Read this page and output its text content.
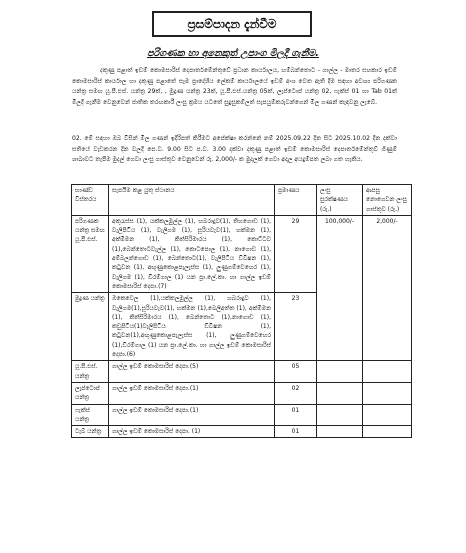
ප්‍රසම්පාදන දැන්වීම
පරිගණක හා අනෙකුත් උපාංග මිලදී ගැනීම.

දකුණු පළාත් ඉඩම් කොමසාරිස් දෙපාර්තමේන්තුවේ ප්‍රධාන කාර්යාලය, හම්බන්තොට - ගාල්ල - මාතර සහකාර ඉඩම් කොමසාරිස් කාර්යාල හා දකුණු පළාතේ සෑම ප්‍රාදේශීය ලේකම් කාර්යාලයේ ඉඩම් අංශ වෙත ඇති දීම සඳහා අවශ්‍ය පරිගණක යන්ත්‍ර සමඟ යූ.පී.එස්. යන්ත්‍ර 29ක්, , මුද්‍රණ යන්ත්‍ර 23ක්, යූ.පී.එස්.යන්ත්‍ර 05ක්, ලැප්ටොප් යන්ත්‍ර 02, ෆැක්ස් 01 හා Tab 01ක් මිලදී ගැනීම වෙනුවෙන් ජාතික තරඟකාරී ලංසු ක්‍රමය යටතේ සුදුසුකම්ලත් සැපයුම්කරුවන්ගෙන් මිල ගණන් කැඳවනු ලැබේ.

02. මේ සඳහා ඔබ විසින් මිල ගණන් ඉදිරිපත් කිරීමට අපේක්ෂා කරන්නේ නම් 2025.09.22 දින සිට 2025.10.02 දින දක්වා සතියේ වැඩකරන දින වලදී පෙ.ව. 9.00 සිට ප.ව. 3.00 දක්වා දකුණු පළාත් ඉඩම් කොමසාරිස් දෙපාර්තමේන්තුව් ගිණුම් ශාඛාවට තැපීම මුදල් ගෙවා ලංසු ගාස්තුව වෙනුවෙන් රු. 2,000/- ක මුදලක් ගෙවා අදාල අයදුම්පත ලබා ගත හැකිය.

භාණ්ඩ විස්තරය	සැපයීම කළ යුතු ස්ථානය	ප්‍රමාණය	ලංසු සුරක්ෂණය (රු.)	ආපසු නොගෙවන ලංසු ගාස්තුව (රු.)
පරිගණක යන්ත්‍ර සමඟ යූ.පී.එස්.	අකුරැස්ස (1), යක්කලමුල්ල (1), හබරාදුව(1), තිහගොඩ (1), වැලිපිටිය (1), වැලිගම (1), සූරියවැව(1), හක්මන (1), අක්මීමන (1), කිත්සිරිමාරය (1), කොට්ටව (1),බෙන්තොටවැල්ල (1), කොටපොල (1), නාගොඩ (1), අම්බලන්ගොඩ (1), බෙන්තොට(1), වැලිපිටිය ඩිවිෂන (1), කටුවන (1), අඟුණුකොළපැලැස්ස (1), ලුණුගම්වෙහෙර (1), වැලිගම (1), ඩිරම්ගාල (1) යන ප්‍රා.ලේ.කා. හා ගාල්ල ඉඩම් කොමසාරිස් දෙපා.(7)	29	100,000/-	2,000/-
මුද්‍රණ යන්ත්‍ර	ඔකෙවෙල (1),යක්කලමුල්ල (1), හබරාදුව (1), වැලිගම(1),සූරියවැව(1), හක්මන (1),බෙලිඅත්ත (1), අක්මීමන (1), කිත්සිරිමාරය (1), බෙන්තොට (1),නාගොඩ (1), කඩුපිටිය(1)වැලිපිටිය ඩිවිෂන (1), කටුවන(1),අඟුණුකොළපැලැස්ස (1), ලුණුගම්වෙහෙර (1),ඩිරම්ගාල (1) යන ප්‍රා.ලේ.කා. හා ගාල්ල ඉඩම් කොමසාරිස් දෙපා.(6)	23		
යූ.පී.එස්. යන්ත්‍ර	ගාල්ල ඉඩම් කොමසාරිස් දෙපා.(5)	05		
ලැප්ටොප් යන්ත්‍ර	ගාල්ල ඉඩම් කොමසාරිස් දෙපා.(1)	02		
ෆැක්ස් යන්ත්‍ර	ගාල්ල ඉඩම් කොමසාරිස් දෙපා.(1)	01		
ටැබ් යන්ත්‍ර	ගාල්ල ඉඩම් කොමසාරිස් දෙපා. (1)	01		
